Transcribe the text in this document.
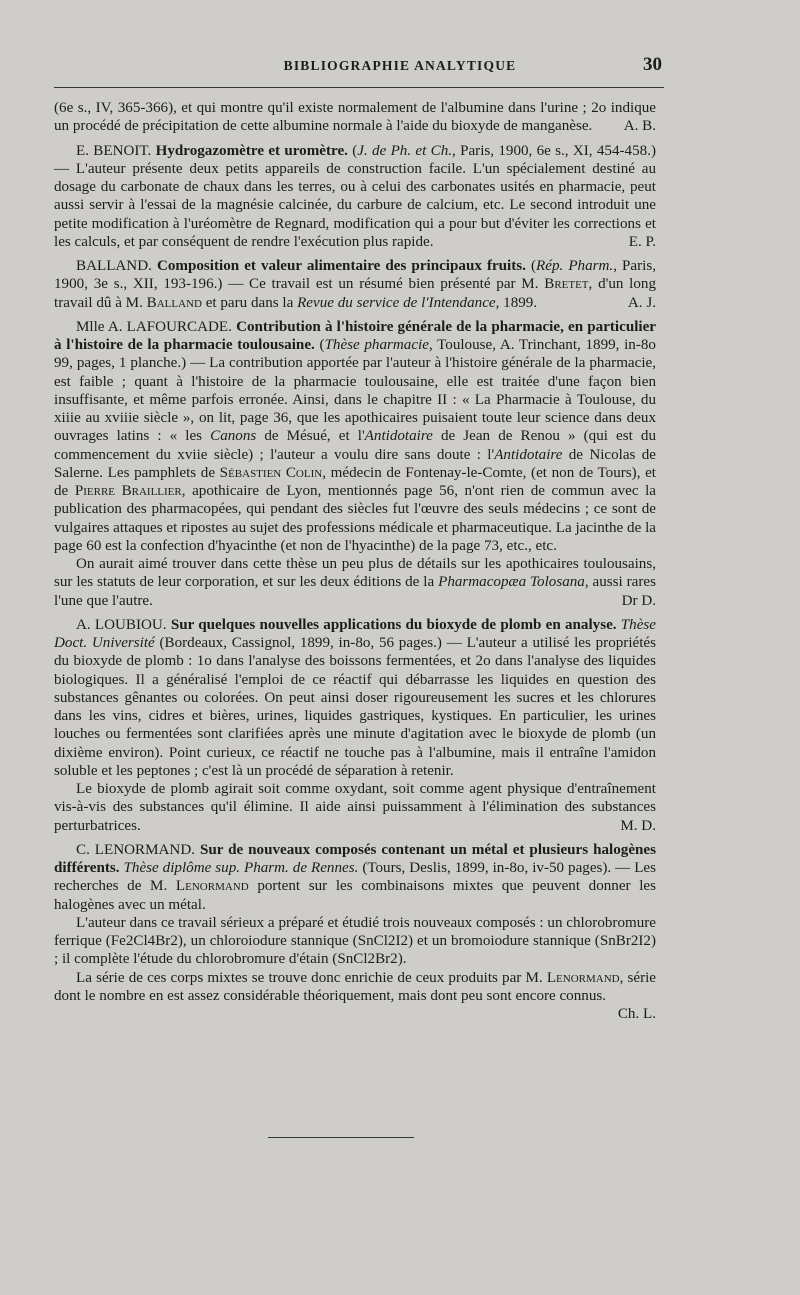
BIBLIOGRAPHIE ANALYTIQUE	30

(6e s., IV, 365-366), et qui montre qu'il existe normalement de l'albumine dans l'urine ; 2o indique un procédé de précipitation de cette albumine normale à l'aide du bioxyde de manganèse. A. B.

E. BENOIT. Hydrogazomètre et uromètre. (J. de Ph. et Ch., Paris, 1900, 6e s., XI, 454-458.) — L'auteur présente deux petits appareils de construction facile. L'un spécialement destiné au dosage du carbonate de chaux dans les terres, ou à celui des carbonates usités en pharmacie, peut aussi servir à l'essai de la magnésie calcinée, du carbure de calcium, etc. Le second introduit une petite modification à l'uréomètre de Regnard, modification qui a pour but d'éviter les corrections et les calculs, et par conséquent de rendre l'exécution plus rapide.	E. P.

BALLAND. Composition et valeur alimentaire des principaux fruits. (Rép. Pharm., Paris, 1900, 3e s., XII, 193-196.) — Ce travail est un résumé bien présenté par M. Bretet, d'un long travail dû à M. Balland et paru dans la Revue du service de l'Intendance, 1899.	A. J.

Mlle A. LAFOURCADE. Contribution à l'histoire générale de la pharmacie, en particulier à l'histoire de la pharmacie toulousaine. (Thèse pharmacie, Toulouse, A. Trinchant, 1899, in-8o 99, pages, 1 planche.) — La contribution apportée par l'auteur à l'histoire générale de la pharmacie, est faible ; quant à l'histoire de la pharmacie toulousaine, elle est traitée d'une façon bien insuffisante, et même parfois erronée. Ainsi, dans le chapitre II : « La Pharmacie à Toulouse, du xiiie au xviiie siècle », on lit, page 36, que les apothicaires puisaient toute leur science dans deux ouvrages latins : « les Canons de Mésué, et l'Antidotaire de Jean de Renou » (qui est du commencement du xviie siècle) ; l'auteur a voulu dire sans doute : l'Antidotaire de Nicolas de Salerne. Les pamphlets de Sébastien Colin, médecin de Fontenay-le-Comte, (et non de Tours), et de Pierre Braillier, apothicaire de Lyon, mentionnés page 56, n'ont rien de commun avec la publication des pharmacopées, qui pendant des siècles fut l'œuvre des seuls médecins ; ce sont de vulgaires attaques et ripostes au sujet des professions médicale et pharmaceutique. La jacinthe de la page 60 est la confection d'hyacinthe (et non de l'hyacinthe) de la page 73, etc., etc.

On aurait aimé trouver dans cette thèse un peu plus de détails sur les apothicaires toulousains, sur les statuts de leur corporation, et sur les deux éditions de la Pharmacopæa Tolosana, aussi rares l'une que l'autre.	Dr D.

A. LOUBIOU. Sur quelques nouvelles applications du bioxyde de plomb en analyse. Thèse Doct. Université (Bordeaux, Cassignol, 1899, in-8o, 56 pages.) — L'auteur a utilisé les propriétés du bioxyde de plomb : 1o dans l'analyse des boissons fermentées, et 2o dans l'analyse des liquides biologiques. Il a généralisé l'emploi de ce réactif qui débarrasse les liquides en question des substances gênantes ou colorées. On peut ainsi doser rigoureusement les sucres et les chlorures dans les vins, cidres et bières, urines, liquides gastriques, kystiques. En particulier, les urines louches ou fermentées sont clarifiées après une minute d'agitation avec le bioxyde de plomb (un dixième environ). Point curieux, ce réactif ne touche pas à l'albumine, mais il entraîne l'amidon soluble et les peptones ; c'est là un procédé de séparation à retenir.

Le bioxyde de plomb agirait soit comme oxydant, soit comme agent physique d'entraînement vis-à-vis des substances qu'il élimine. Il aide ainsi puissamment à l'élimination des substances perturbatrices.	M. D.

C. LENORMAND. Sur de nouveaux composés contenant un métal et plusieurs halogènes différents. Thèse diplôme sup. Pharm. de Rennes. (Tours, Deslis, 1899, in-8o, iv-50 pages). — Les recherches de M. Lenormand portent sur les combinaisons mixtes que peuvent donner les halogènes avec un métal.

L'auteur dans ce travail sérieux a préparé et étudié trois nouveaux composés : un chlorobromure ferrique (Fe2Cl4Br2), un chloroiodure stannique (SnCl2I2) et un bromoiodure stannique (SnBr2I2) ; il complète l'étude du chlorobromure d'étain (SnCl2Br2).

La série de ces corps mixtes se trouve donc enrichie de ceux produits par M. Lenormand, série dont le nombre en est assez considérable théoriquement, mais dont peu sont encore connus.
Ch. L.
